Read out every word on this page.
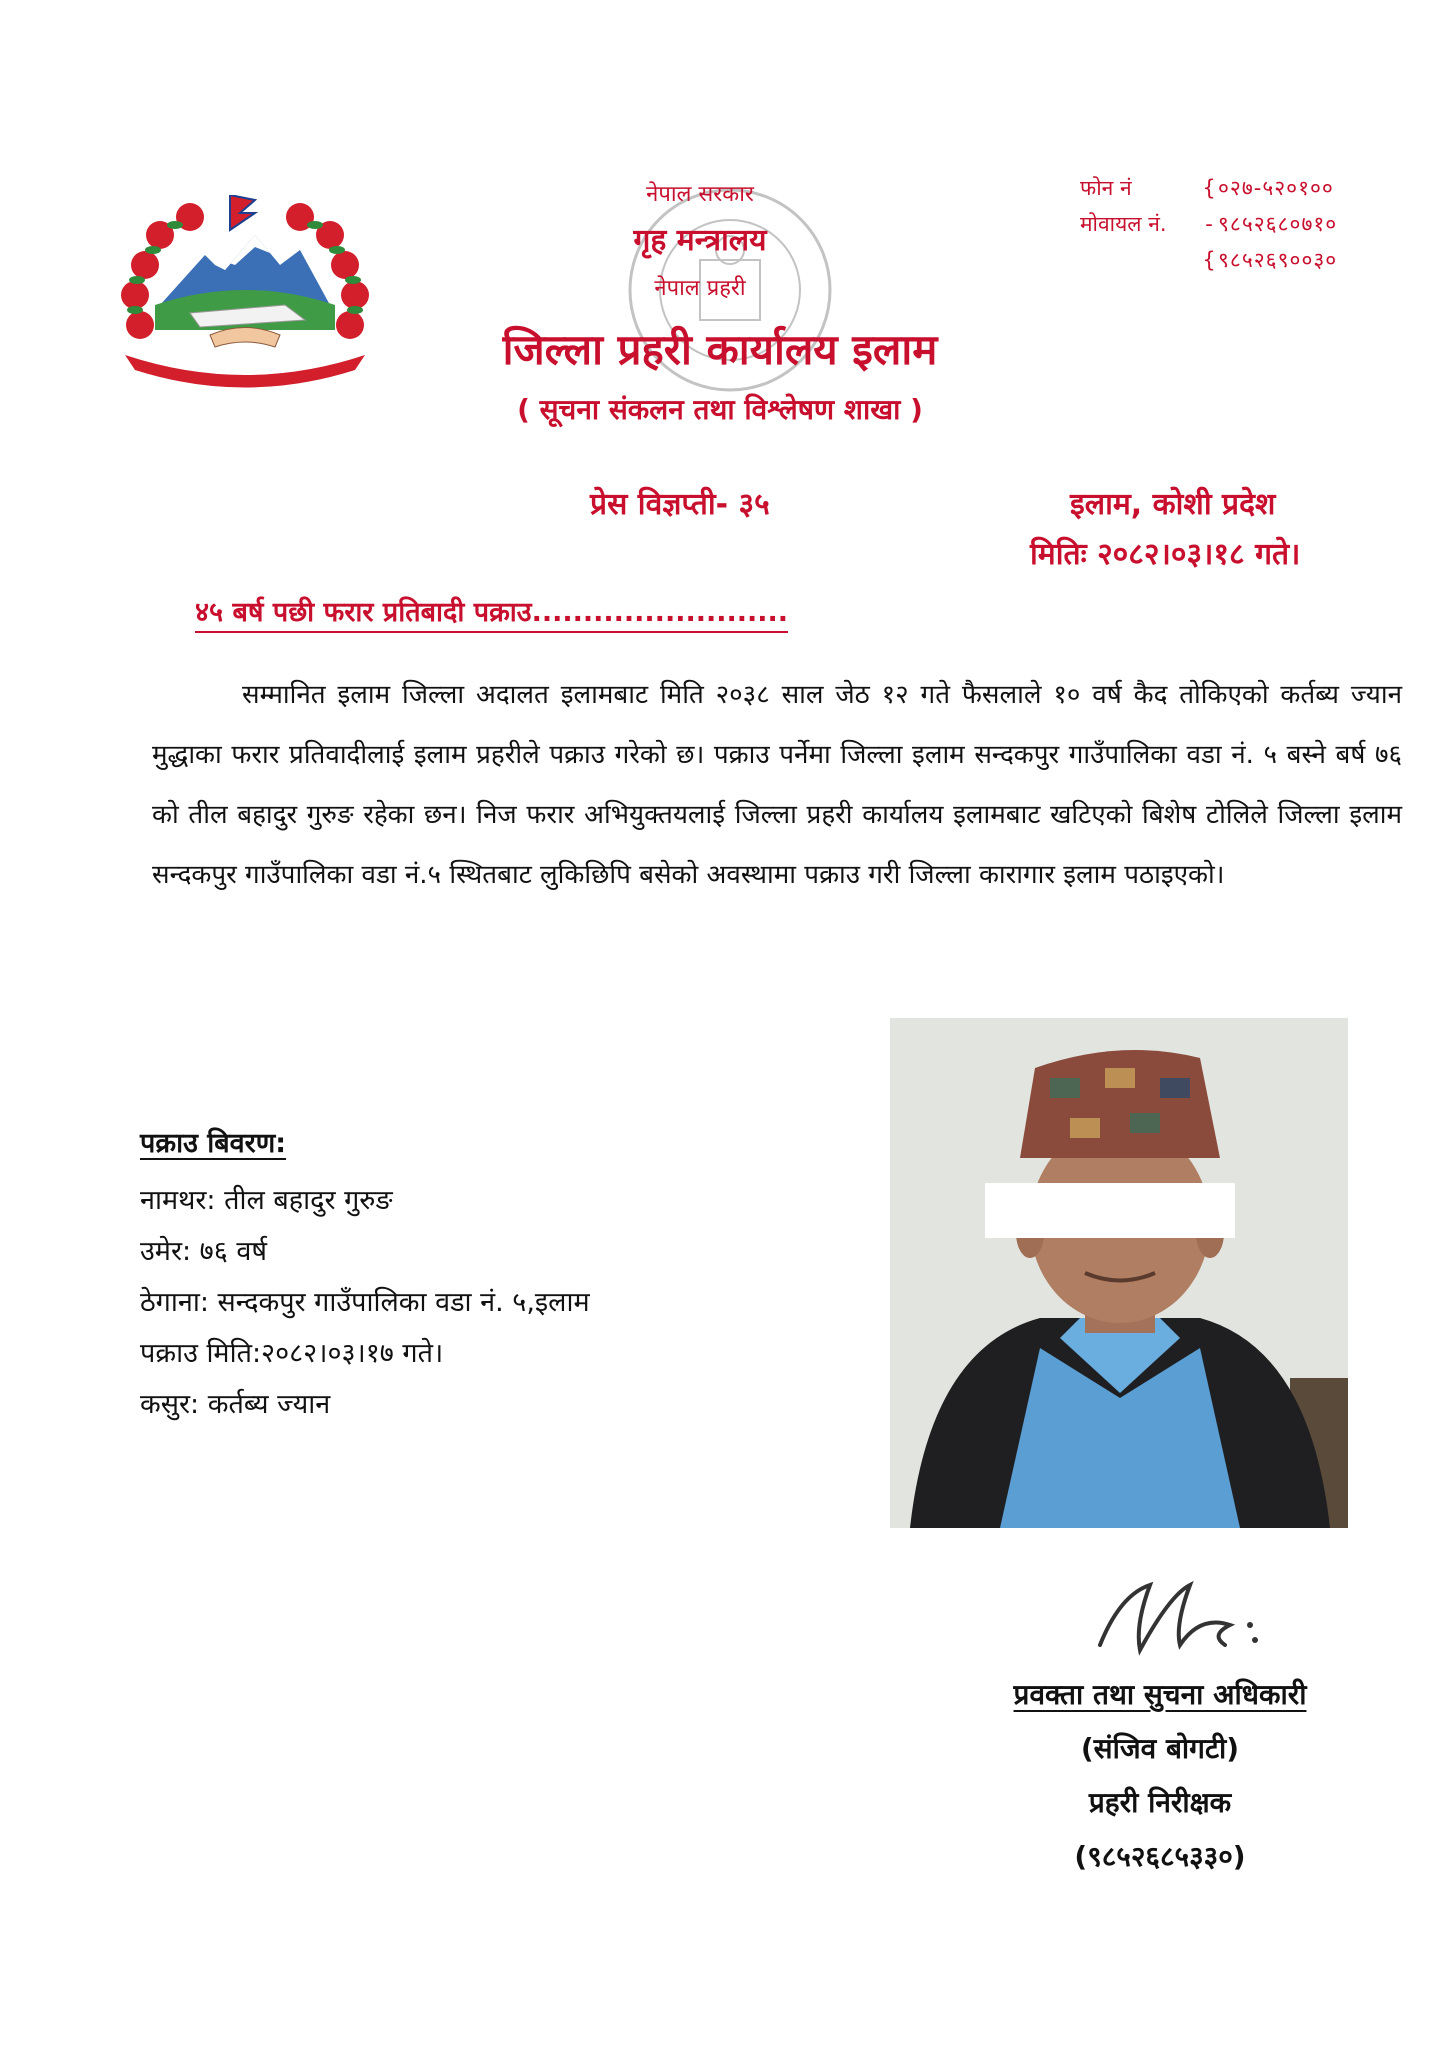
नेपाल सरकार
गृह मन्त्रालय
नेपाल प्रहरी
जिल्ला प्रहरी कार्यालय इलाम
( सूचना संकलन तथा विश्लेषण शाखा )
फोन नं	{ ०२७-५२०१००
मोवायल नं. - ९८५२६८०७१०
{ ९८५२६९००३०
प्रेस विज्ञप्ती- ३५	इलाम, कोशी प्रदेश
मितिः २०८२।०३।१८ गते।
४५ बर्ष पछी फरार प्रतिबादी पक्राउ.........................
सम्मानित इलाम जिल्ला अदालत इलामबाट मिति २०३८ साल जेठ १२ गते फैसलाले १० वर्ष कैद तोकिएको कर्तब्य ज्यान मुद्धाका फरार प्रतिवादीलाई इलाम प्रहरीले पक्राउ गरेको छ। पक्राउ पर्नेमा जिल्ला इलाम सन्दकपुर गाउँपालिका वडा नं. ५ बस्ने बर्ष ७६ को तील बहादुर गुरुङ रहेका छन। निज फरार अभियुक्तयलाई जिल्ला प्रहरी कार्यालय इलामबाट खटिएको बिशेष टोलिले जिल्ला इलाम सन्दकपुर गाउँपालिका वडा नं.५ स्थितबाट लुकिछिपि बसेको अवस्थामा पक्राउ गरी जिल्ला कारागार इलाम पठाइएको।
पक्राउ बिवरण:
नामथर: तील बहादुर गुरुङ
उमेर: ७६ वर्ष
ठेगाना: सन्दकपुर गाउँपालिका वडा नं. ५,इलाम
पक्राउ मिति:२०८२।०३।१७ गते।
कसुर: कर्तब्य ज्यान
प्रवक्ता तथा सुचना अधिकारी
(संजिव बोगटी)
प्रहरी निरीक्षक
(९८५२६८५३३०)
